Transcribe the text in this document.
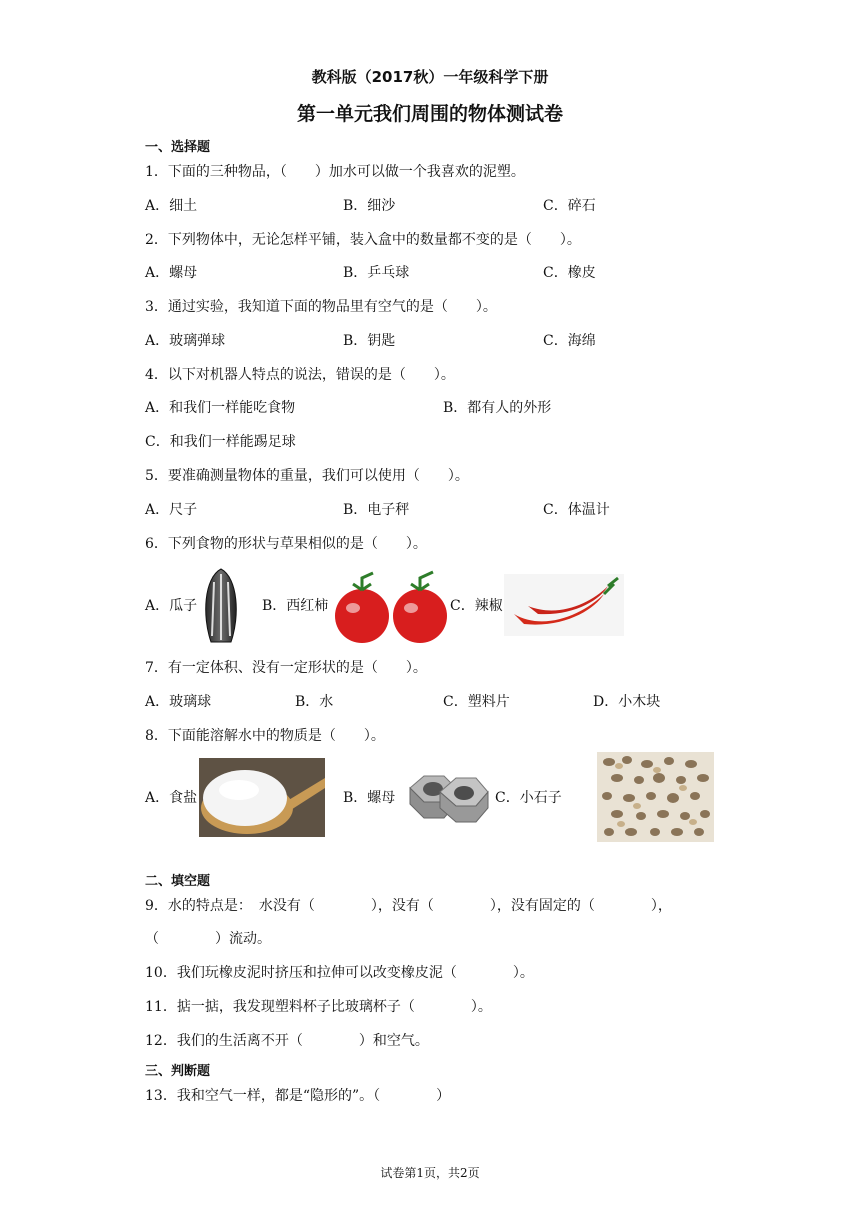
教科版（2017秋）一年级科学下册
第一单元我们周围的物体测试卷
一、选择题
1．下面的三种物品，（　　）加水可以做一个我喜欢的泥塑。
A．细土	B．细沙	C．碎石
2．下列物体中，无论怎样平铺，装入盒中的数量都不变的是（　　）。
A．螺母	B．乒乓球	C．橡皮
3．通过实验，我知道下面的物品里有空气的是（　　）。
A．玻璃弹球	B．钥匙	C．海绵
4．以下对机器人特点的说法，错误的是（　　）。
A．和我们一样能吃食物	B．都有人的外形
C．和我们一样能踢足球
5．要准确测量物体的重量，我们可以使用（　　）。
A．尺子	B．电子秤	C．体温计
6．下列食物的形状与草果相似的是（　　）。
A．瓜子	B．西红柿	C．辣椒
7．有一定体积、没有一定形状的是（　　）。
A．玻璃球	B．水	C．塑料片	D．小木块
8．下面能溶解水中的物质是（　　）。
A．食盐	B．螺母	C．小石子
二、填空题
9．水的特点是：　水没有（　　　　），没有（　　　　），没有固定的（　　　　），
（　　　　）流动。
10．我们玩橡皮泥时挤压和拉伸可以改变橡皮泥（　　　　）。
11．掂一掂，我发现塑料杯子比玻璃杯子（　　　　）。
12．我们的生活离不开（　　　　）和空气。
三、判断题
13．我和空气一样，都是“隐形的”。（　　　　）
试卷第1页，共2页
